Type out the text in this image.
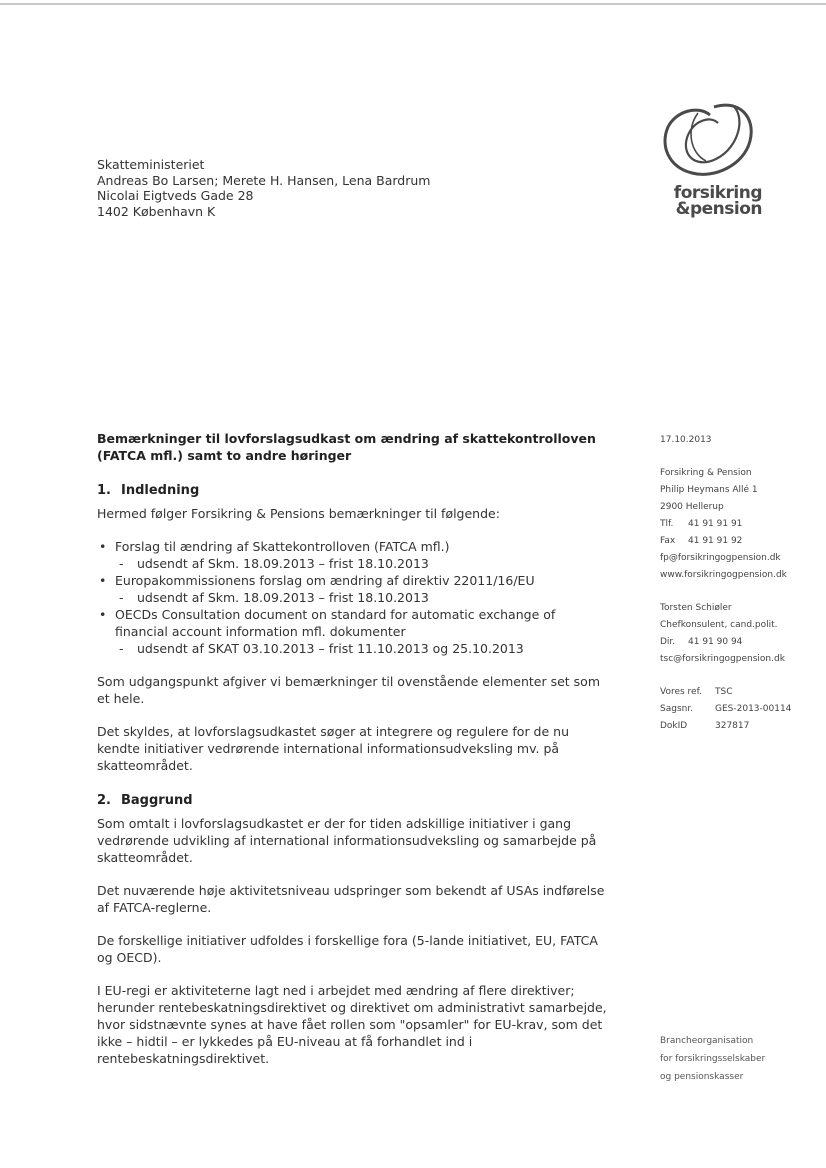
Skatteministeriet
Andreas Bo Larsen; Merete H. Hansen, Lena Bardrum
Nicolai Eigtveds Gade 28
1402 København K
forsikring
&pension
Bemærkninger til lovforslagsudkast om ændring af skattekontrolloven (FATCA mfl.) samt to andre høringer
1. Indledning

Hermed følger Forsikring & Pensions bemærkninger til følgende:

• Forslag til ændring af Skattekontrolloven (FATCA mfl.)
- udsendt af Skm. 18.09.2013 – frist 18.10.2013
• Europakommissionens forslag om ændring af direktiv 22011/16/EU
- udsendt af Skm. 18.09.2013 – frist 18.10.2013
• OECDs Consultation document on standard for automatic exchange of financial account information mfl. dokumenter
- udsendt af SKAT 03.10.2013 – frist 11.10.2013 og 25.10.2013

Som udgangspunkt afgiver vi bemærkninger til ovenstående elementer set som et hele.

Det skyldes, at lovforslagsudkastet søger at integrere og regulere for de nu kendte initiativer vedrørende international informationsudveksling mv. på skatteområdet.

2. Baggrund

Som omtalt i lovforslagsudkastet er der for tiden adskillige initiativer i gang vedrørende udvikling af international informationsudveksling og samarbejde på skatteområdet.

Det nuværende høje aktivitetsniveau udspringer som bekendt af USAs indførelse af FATCA-reglerne.

De forskellige initiativer udfoldes i forskellige fora (5-lande initiativet, EU, FATCA og OECD).

I EU-regi er aktiviteterne lagt ned i arbejdet med ændring af flere direktiver; herunder rentebeskatningsdirektivet og direktivet om administrativt samarbejde, hvor sidstnævnte synes at have fået rollen som "opsamler" for EU-krav, som det ikke – hidtil – er lykkedes på EU-niveau at få forhandlet ind i rentebeskatningsdirektivet.

17.10.2013
Forsikring & Pension
Philip Heymans Allé 1
2900 Hellerup
Tlf. 41 91 91 91
Fax 41 91 91 92
fp@forsikringogpension.dk
www.forsikringogpension.dk
Torsten Schiøler
Chefkonsulent, cand.polit.
Dir. 41 91 90 94
tsc@forsikringogpension.dk
Vores ref. TSC
Sagsnr. GES-2013-00114
DokID	327817
Brancheorganisation
for forsikringsselskaber
og pensionskasser
